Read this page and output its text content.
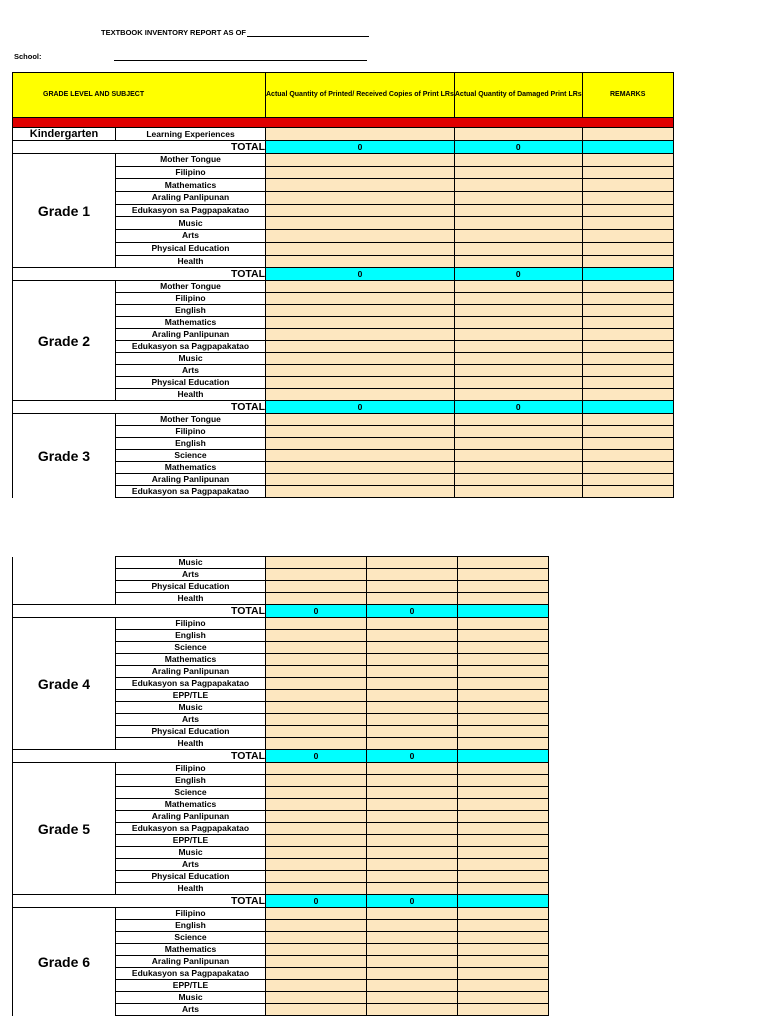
TEXTBOOK INVENTORY REPORT AS OF
School:
GRADE LEVEL AND SUBJECT		Actual Quantity of Printed/ Received Copies of Print LRs	Actual Quantity of Damaged Print LRs	REMARKS

Kindergarten	Learning Experiences			
	TOTAL	0	0	
Grade 1	Mother Tongue			
	Filipino			
	Mathematics			
	Araling Panlipunan			
	Edukasyon sa Pagpapakatao			
	Music			
	Arts			
	Physical Education			
	Health			
	TOTAL	0	0	
Grade 2	Mother Tongue			
	Filipino			
	English			
	Mathematics			
	Araling Panlipunan			
	Edukasyon sa Pagpapakatao			
	Music			
	Arts			
	Physical Education			
	Health			
	TOTAL	0	0	
Grade 3	Mother Tongue			
	Filipino			
	English			
	Science			
	Mathematics			
	Araling Panlipunan			
	Edukasyon sa Pagpapakatao			
	Music			
	Arts			
	Physical Education			
	Health			
	TOTAL	0	0	
Grade 4	Filipino			
	English			
	Science			
	Mathematics			
	Araling Panlipunan			
	Edukasyon sa Pagpapakatao			
	EPP/TLE			
	Music			
	Arts			
	Physical Education			
	Health			
	TOTAL	0	0	
Grade 5	Filipino			
	English			
	Science			
	Mathematics			
	Araling Panlipunan			
	Edukasyon sa Pagpapakatao			
	EPP/TLE			
	Music			
	Arts			
	Physical Education			
	Health			
	TOTAL	0	0	
Grade 6	Filipino			
	English			
	Science			
	Mathematics			
	Araling Panlipunan			
	Edukasyon sa Pagpapakatao			
	EPP/TLE			
	Music			
	Arts			
